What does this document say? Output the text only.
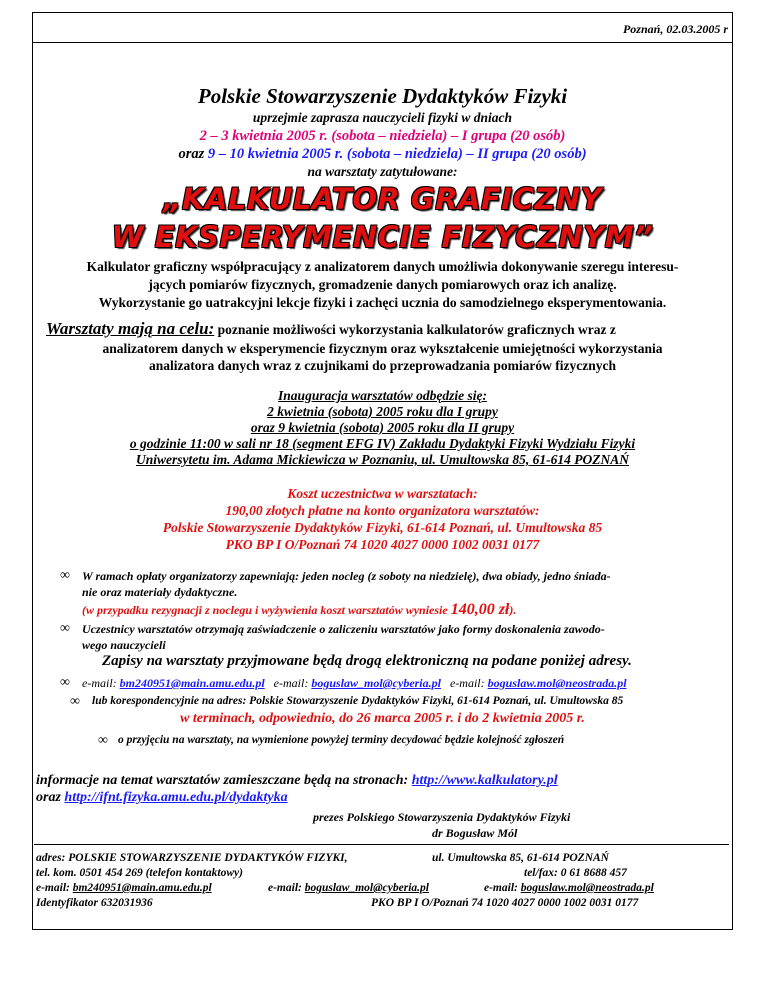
Poznań, 02.03.2005 r
Polskie Stowarzyszenie Dydaktyków Fizyki
uprzejmie zaprasza nauczycieli fizyki w dniach
2 – 3 kwietnia 2005 r. (sobota – niedziela) – I grupa (20 osób)
oraz 9 – 10 kwietnia 2005 r. (sobota – niedziela) – II grupa (20 osób)
na warsztaty zatytułowane:
„KALKULATOR GRAFICZNY
W EKSPERYMENCIE FIZYCZNYM”
Kalkulator graficzny współpracujący z analizatorem danych umożliwia dokonywanie szeregu interesu-
jących pomiarów fizycznych, gromadzenie danych pomiarowych oraz ich analizę.
Wykorzystanie go uatrakcyjni lekcje fizyki i zachęci ucznia do samodzielnego eksperymentowania.
Warsztaty mają na celu: poznanie możliwości wykorzystania kalkulatorów graficznych wraz z
analizatorem danych w eksperymencie fizycznym oraz wykształcenie umiejętności wykorzystania
analizatora danych wraz z czujnikami do przeprowadzania pomiarów fizycznych
Inauguracja warsztatów odbędzie się:
2 kwietnia (sobota) 2005 roku dla I grupy
oraz 9 kwietnia (sobota) 2005 roku dla II grupy
o godzinie 11:00 w sali nr 18 (segment EFG IV) Zakładu Dydaktyki Fizyki Wydziału Fizyki
Uniwersytetu im. Adama Mickiewicza w Poznaniu, ul. Umultowska 85, 61-614 POZNAŃ
Koszt uczestnictwa w warsztatach:
190,00 złotych płatne na konto organizatora warsztatów:
Polskie Stowarzyszenie Dydaktyków Fizyki, 61-614 Poznań, ul. Umultowska 85
PKO BP I O/Poznań 74 1020 4027 0000 1002 0031 0177
∞ W ramach opłaty organizatorzy zapewniają: jeden nocleg (z soboty na niedzielę), dwa obiady, jedno śniada-
nie oraz materiały dydaktyczne.
(w przypadku rezygnacji z noclegu i wyżywienia koszt warsztatów wyniesie 140,00 zł).
∞ Uczestnicy warsztatów otrzymają zaświadczenie o zaliczeniu warsztatów jako formy doskonalenia zawodo-
wego nauczycieli
Zapisy na warsztaty przyjmowane będą drogą elektroniczną na podane poniżej adresy.
∞ e-mail: bm240951@main.amu.edu.pl e-mail: boguslaw_mol@cyberia.pl e-mail: boguslaw.mol@neostrada.pl
∞ lub korespondencyjnie na adres: Polskie Stowarzyszenie Dydaktyków Fizyki, 61-614 Poznań, ul. Umultowska 85
w terminach, odpowiednio, do 26 marca 2005 r. i do 2 kwietnia 2005 r.
∞ o przyjęciu na warsztaty, na wymienione powyżej terminy decydować będzie kolejność zgłoszeń
informacje na temat warsztatów zamieszczane będą na stronach: http://www.kalkulatory.pl
oraz http://ifnt.fizyka.amu.edu.pl/dydaktyka
prezes Polskiego Stowarzyszenia Dydaktyków Fizyki
dr Bogusław Mól
adres: POLSKIE STOWARZYSZENIE DYDAKTYKÓW FIZYKI,	ul. Umultowska 85, 61-614 POZNAŃ
tel. kom. 0501 454 269 (telefon kontaktowy)	tel/fax: 0 61 8688 457
e-mail: bm240951@main.amu.edu.pl	e-mail: boguslaw_mol@cyberia.pl	e-mail: boguslaw.mol@neostrada.pl
Identyfikator 632031936	PKO BP I O/Poznań 74 1020 4027 0000 1002 0031 0177
